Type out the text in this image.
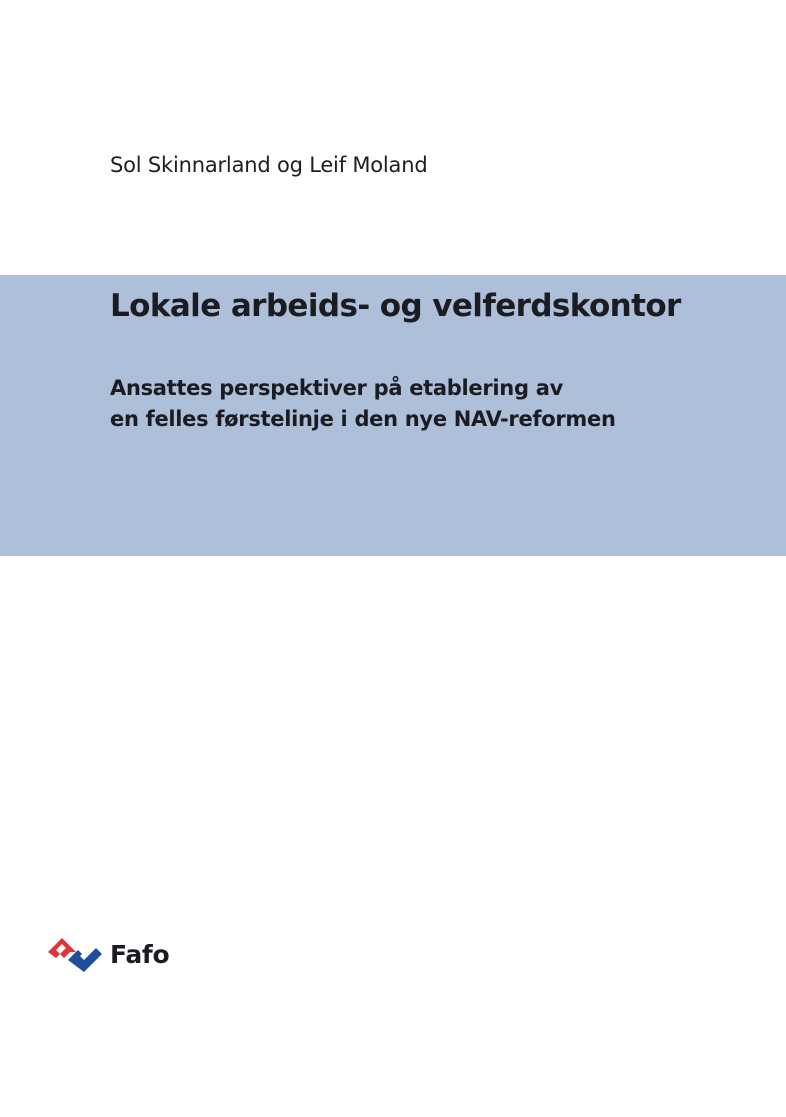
Sol Skinnarland og Leif Moland
Lokale arbeids- og velferdskontor
Ansattes perspektiver på etablering av
en felles førstelinje i den nye NAV-reformen
Fafo
